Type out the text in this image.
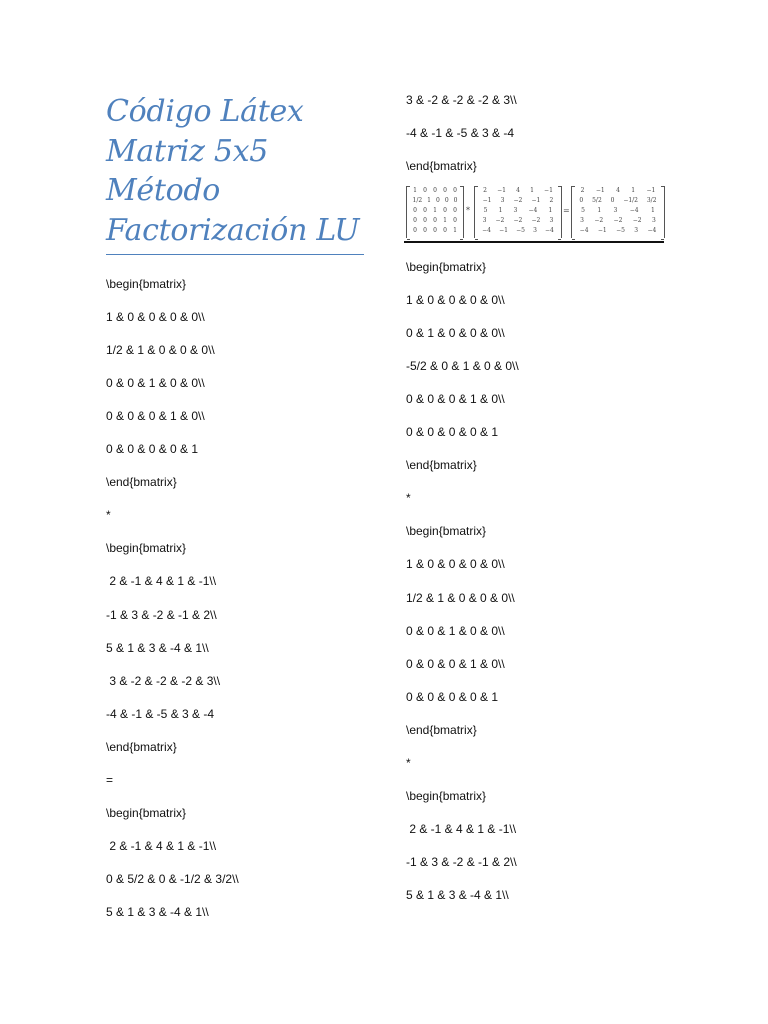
Código Látex
Matriz 5x5
Método
Factorización LU
\begin{bmatrix}
1 & 0 & 0 & 0 & 0\\
1/2 & 1 & 0 & 0 & 0\\
0 & 0 & 1 & 0 & 0\\
0 & 0 & 0 & 1 & 0\\
0 & 0 & 0 & 0 & 1
\end{bmatrix}
*
\begin{bmatrix}
2 & -1 & 4 & 1 & -1\\
-1 & 3 & -2 & -1 & 2\\
5 & 1 & 3 & -4 & 1\\
3 & -2 & -2 & -2 & 3\\
-4 & -1 & -5 & 3 & -4
\end{bmatrix}
=
\begin{bmatrix}
2 & -1 & 4 & 1 & -1\\
0 & 5/2 & 0 & -1/2 & 3/2\\
5 & 1 & 3 & -4 & 1\\
3 & -2 & -2 & -2 & 3\\
-4 & -1 & -5 & 3 & -4
\end{bmatrix}
\begin{bmatrix}
1 & 0 & 0 & 0 & 0\\
0 & 1 & 0 & 0 & 0\\
-5/2 & 0 & 1 & 0 & 0\\
0 & 0 & 0 & 1 & 0\\
0 & 0 & 0 & 0 & 1
\end{bmatrix}
*
\begin{bmatrix}
1 & 0 & 0 & 0 & 0\\
1/2 & 1 & 0 & 0 & 0\\
0 & 0 & 1 & 0 & 0\\
0 & 0 & 0 & 1 & 0\\
0 & 0 & 0 & 0 & 1
\end{bmatrix}
*
\begin{bmatrix}
2 & -1 & 4 & 1 & -1\\
-1 & 3 & -2 & -1 & 2\\
5 & 1 & 3 & -4 & 1\\
1 0 0 0 0
1/2 1 0 0 0
0 0 1 0 0
0 0 0 1 0
0 0 0 0 1
*
2 −1 4 1 −1
−1 3 −2 −1 2
5 1 3 −4 1
3 −2 −2 −2 3
−4 −1 −5 3 −4
=
2 −1 4 1 −1
0 5/2 0 −1/2 3/2
5 1 3 −4 1
3 −2 −2 −2 3
−4 −1 −5 3 −4
